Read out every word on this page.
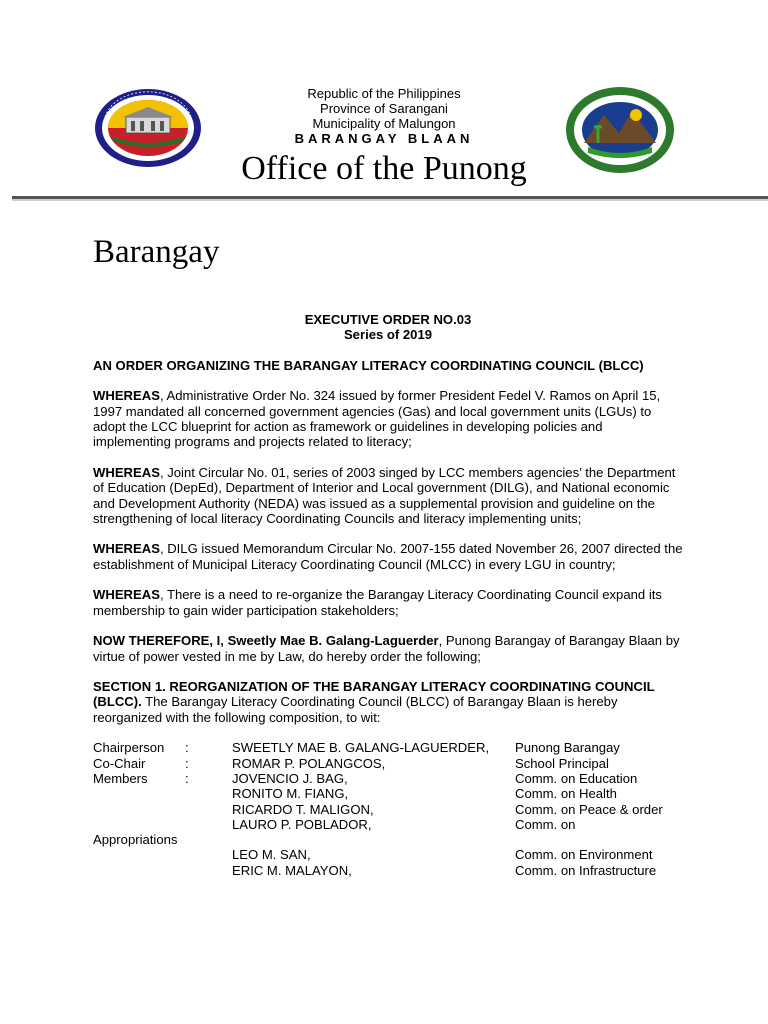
Republic of the Philippines
Province of Sarangani
Municipality of Malungon
BARANGAY BLAAN
Office of the Punong
Barangay
EXECUTIVE ORDER NO.03

Series of 2019

AN ORDER ORGANIZING THE BARANGAY LITERACY COORDINATING COUNCIL (BLCC)

WHEREAS, Administrative Order No. 324 issued by former President Fedel V. Ramos on April 15, 1997 mandated all concerned government agencies (Gas) and local government units (LGUs) to adopt the LCC blueprint for action as framework or guidelines in developing policies and implementing programs and projects related to literacy;

WHEREAS, Joint Circular No. 01, series of 2003 singed by LCC members agencies’ the Department of Education (DepEd), Department of Interior and Local government (DILG), and National economic and Development Authority (NEDA) was issued as a supplemental provision and guideline on the strengthening of local literacy Coordinating Councils and literacy implementing units;

WHEREAS, DILG issued Memorandum Circular No. 2007-155 dated November 26, 2007 directed the establishment of Municipal Literacy Coordinating Council (MLCC) in every LGU in country;

WHEREAS, There is a need to re-organize the Barangay Literacy Coordinating Council expand its membership to gain wider participation stakeholders;

NOW THEREFORE, I, Sweetly Mae B. Galang-Laguerder, Punong Barangay of Barangay Blaan by virtue of power vested in me by Law, do hereby order the following;

SECTION 1. REORGANIZATION OF THE BARANGAY LITERACY COORDINATING COUNCIL (BLCC). The Barangay Literacy Coordinating Council (BLCC) of Barangay Blaan is hereby reorganized with the following composition, to wit:

Chairperson	:	SWEETLY MAE B. GALANG-LAGUERDER,	Punong Barangay
Co-Chair	:	ROMAR P. POLANGCOS,	School Principal
Members	:	JOVENCIO J. BAG,	Comm. on Education
		RONITO M. FIANG,	Comm. on Health
		RICARDO T. MALIGON,	Comm. on Peace & order
		LAURO P. POBLADOR,	Comm. on
Appropriations			
		LEO M. SAN,	Comm. on Environment
		ERIC M. MALAYON,	Comm. on Infrastructure
